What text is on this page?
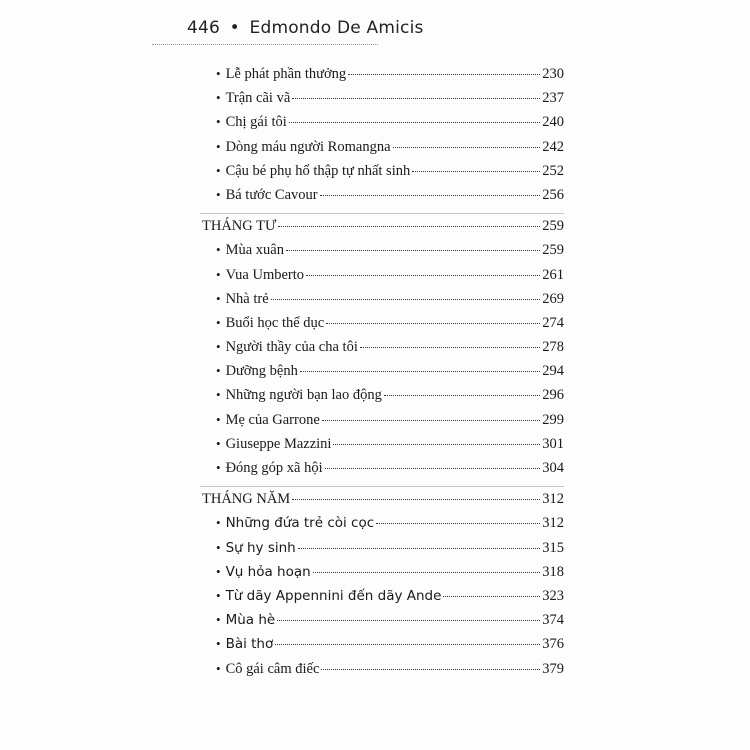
446 • Edmondo De Amicis
• Lễ phát phần thưởng	230
• Trận cãi vã	237
• Chị gái tôi	240
• Dòng máu người Romangna	242
• Cậu bé phụ hổ thập tự nhất sinh	252
• Bá tước Cavour	256
THÁNG TƯ	259
• Mùa xuân	259
• Vua Umberto	261
• Nhà trẻ	269
• Buổi học thể dục	274
• Người thầy của cha tôi	278
• Dưỡng bệnh	294
• Những người bạn lao động	296
• Mẹ của Garrone	299
• Giuseppe Mazzini	301
• Đóng góp xã hội	304
THÁNG NĂM	312
• Những đứa trẻ còi cọc	312
• Sự hy sinh	315
• Vụ hỏa hoạn	318
• Từ dãy Appennini đến dãy Ande	323
• Mùa hè	374
• Bài thơ	376
• Cô gái câm điếc	379
